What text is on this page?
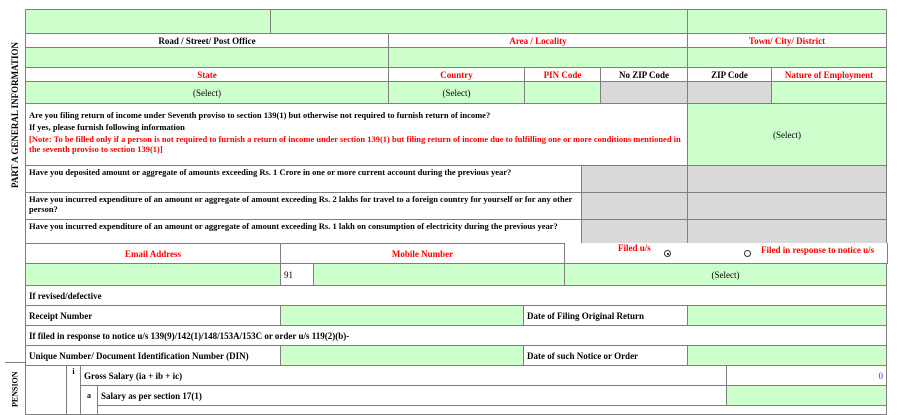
PART A GENERAL INFORMATION
PENSION
Road / Street/ Post Office	Area / Locality	Town/ City/ District
State	Country	PIN Code	No ZIP Code	ZIP Code	Nature of Employment
(Select)	(Select)
Are you filing return of income under Seventh proviso to section 139(1) but otherwise not required to furnish return of income?
If yes, please furnish following information
[Note: To be filled only if a person is not required to furnish a return of income under section 139(1) but filing return of income due to fulfilling one or more conditions mentioned in the seventh proviso to section 139(1)]
(Select)
Have you deposited amount or aggregate of amounts exceeding Rs. 1 Crore in one or more current account during the previous year?
Have you incurred expenditure of an amount or aggregate of amount exceeding Rs. 2 lakhs for travel to a foreign country for yourself or for any other person?
Have you incurred expenditure of an amount or aggregate of amount exceeding Rs. 1 lakh on consumption of electricity during the previous year?
Email Address	Mobile Number
Filed u/s	Filed in response to notice u/s
91	(Select)
If revised/defective
Receipt Number	Date of Filing Original Return
If filed in response to notice u/s 139(9)/142(1)/148/153A/153C or order u/s 119(2)(b)-
Unique Number/ Document Identification Number (DIN)	Date of such Notice or Order
i	Gross Salary (ia + ib + ic)	0
a	Salary as per section 17(1)
